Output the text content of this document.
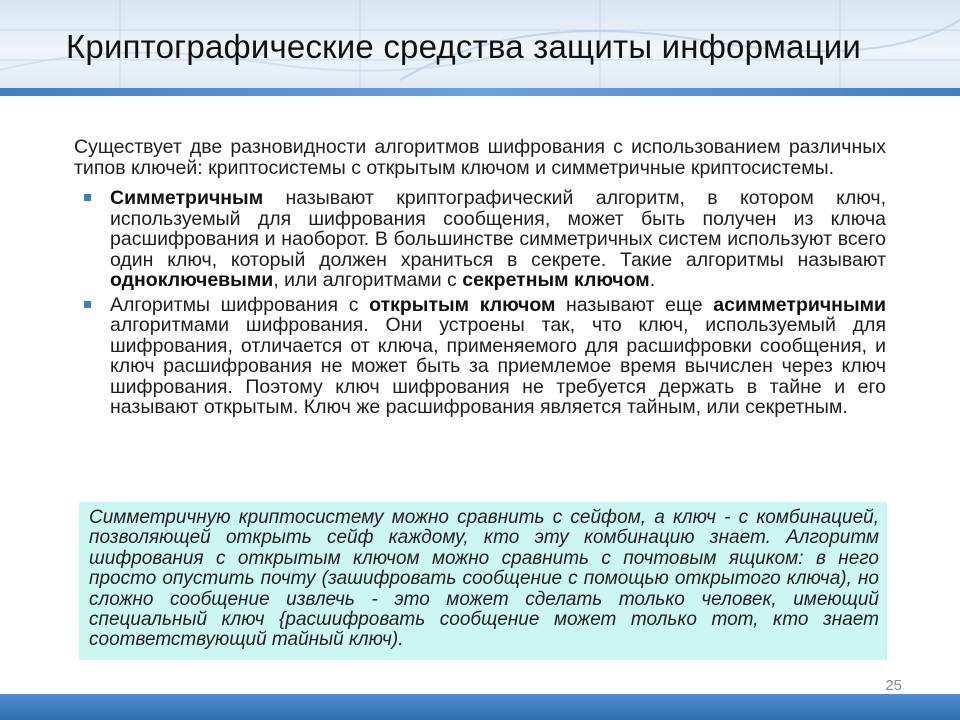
Криптографические средства защиты информации

Существует две разновидности алгоритмов шифрования с использованием различных типов ключей: криптосистемы с открытым ключом и симметричные криптосистемы.

Симметричным называют криптографический алгоритм, в котором ключ, используемый для шифрования сообщения, может быть получен из ключа расшифрования и наоборот. В большинстве симметричных систем используют всего один ключ, который должен храниться в секрете. Такие алгоритмы называют одноключевыми, или алгоритмами с секретным ключом.
Алгоритмы шифрования с открытым ключом называют еще асимметричными алгоритмами шифрования. Они устроены так, что ключ, используемый для шифрования, отличается от ключа, применяемого для расшифровки сообщения, и ключ расшифрования не может быть за приемлемое время вычислен через ключ шифрования. Поэтому ключ шифрования не требуется держать в тайне и его называют открытым. Ключ же расшифрования является тайным, или секретным.
Симметричную криптосистему можно сравнить с сейфом, а ключ - с комбинацией, позволяющей открыть сейф каждому, кто эту комбинацию знает. Алгоритм шифрования с открытым ключом можно сравнить с почтовым ящиком: в него просто опустить почту (зашифровать сообщение с помощью открытого ключа), но сложно сообщение извлечь - это может сделать только человек, имеющий специальный ключ {расшифровать сообщение может только тот, кто знает соответствующий тайный ключ).
25
